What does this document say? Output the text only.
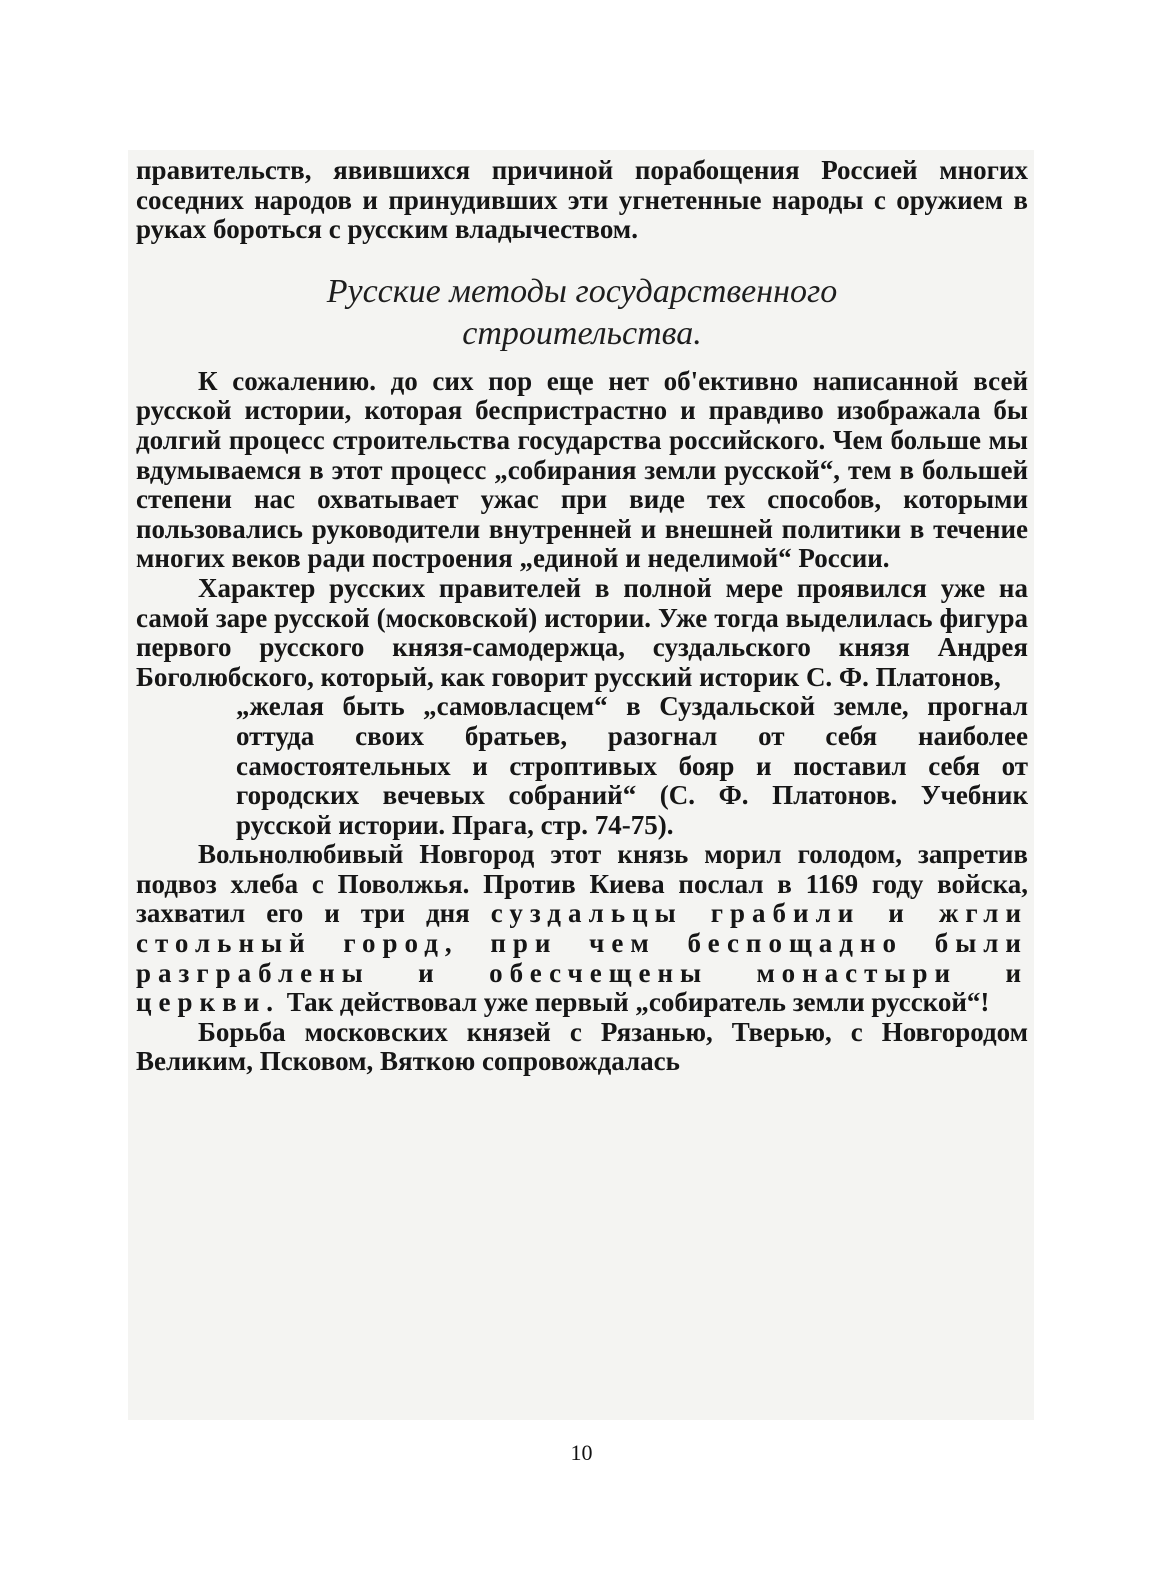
правительств, явившихся причиной порабощения Россией многих соседних народов и принудивших эти угнетенные народы с оружием в руках бороться с русским владычеством.

Русские методы государственного
строительства.

К сожалению. до сих пор еще нет об'ективно написанной всей русской истории, которая беспристрастно и правдиво изображала бы долгий процесс строительства государства российского. Чем больше мы вдумываемся в этот процесс „собирания земли русской“, тем в большей степени нас охватывает ужас при виде тех способов, которыми пользовались руководители внутренней и внешней политики в течение многих веков ради построения „единой и неделимой“ России.

Характер русских правителей в полной мере проявился уже на самой заре русской (московской) истории. Уже тогда выделилась фигура первого русского князя-самодержца, суздальского князя Андрея Боголюбского, который, как говорит русский историк С. Ф. Платонов,

„желая быть „самовласцем“ в Суздальской земле, прогнал оттуда своих братьев, разогнал от себя наиболее самостоятельных и строптивых бояр и поставил себя от городских вечевых собраний“ (С. Ф. Платонов. Учебник русской истории. Прага, стр. 74-75).

Вольнолюбивый Новгород этот князь морил голодом, запретив подвоз хлеба с Поволжья. Против Киева послал в 1169 году войска, захватил его и три дня суздальцы грабили и жгли стольный город, при чем беспощадно были разграблены и обесчещены монастыри и церкви. Так действовал уже первый „собиратель земли русской“!

Борьба московских князей с Рязанью, Тверью, с Новгородом Великим, Псковом, Вяткою сопровождалась

10
